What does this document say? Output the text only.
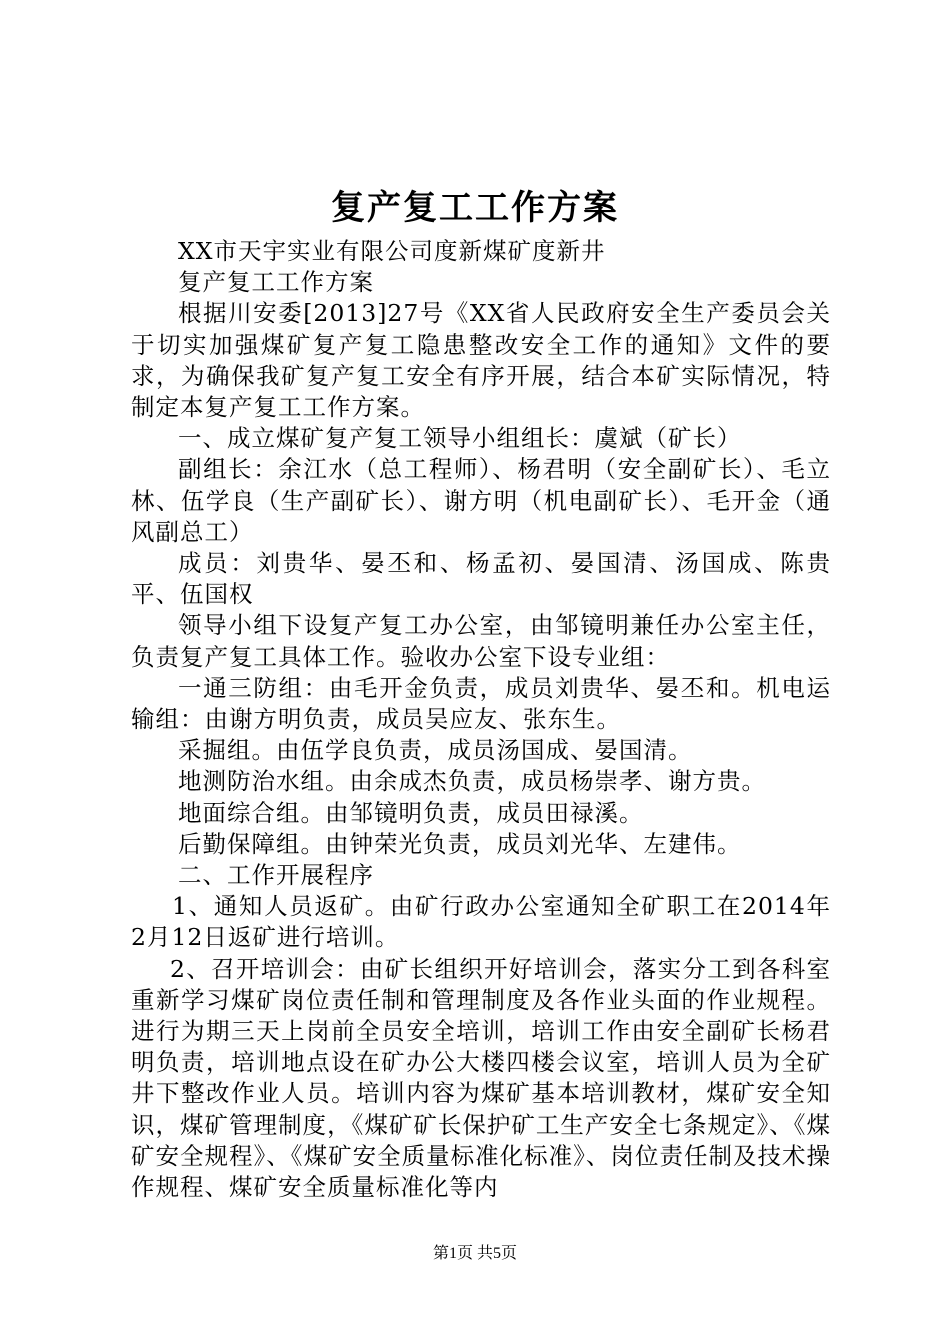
复产复工工作方案

XX市天宇实业有限公司度新煤矿度新井

复产复工工作方案

根据川安委[2013]27号《XX省人民政府安全生产委员会关于切实加强煤矿复产复工隐患整改安全工作的通知》文件的要求，为确保我矿复产复工安全有序开展，结合本矿实际情况，特制定本复产复工工作方案。

一、成立煤矿复产复工领导小组组长：虞斌（矿长）

副组长：余江水（总工程师）、杨君明（安全副矿长）、毛立林、伍学良（生产副矿长）、谢方明（机电副矿长）、毛开金（通风副总工）

成员：刘贵华、晏丕和、杨孟初、晏国清、汤国成、陈贵平、伍国权

领导小组下设复产复工办公室，由邹镜明兼任办公室主任，负责复产复工具体工作。验收办公室下设专业组：

一通三防组：由毛开金负责，成员刘贵华、晏丕和。机电运输组：由谢方明负责，成员吴应友、张东生。

采掘组。由伍学良负责，成员汤国成、晏国清。

地测防治水组。由余成杰负责，成员杨崇孝、谢方贵。

地面综合组。由邹镜明负责，成员田禄溪。

后勤保障组。由钟荣光负责，成员刘光华、左建伟。

二、工作开展程序

1、通知人员返矿。由矿行政办公室通知全矿职工在2014年2月12日返矿进行培训。

2、召开培训会：由矿长组织开好培训会，落实分工到各科室重新学习煤矿岗位责任制和管理制度及各作业头面的作业规程。进行为期三天上岗前全员安全培训，培训工作由安全副矿长杨君明负责，培训地点设在矿办公大楼四楼会议室，培训人员为全矿井下整改作业人员。培训内容为煤矿基本培训教材，煤矿安全知识，煤矿管理制度，《煤矿矿长保护矿工生产安全七条规定》、《煤矿安全规程》、《煤矿安全质量标准化标准》、岗位责任制及技术操作规程、煤矿安全质量标准化等内

第1页 共5页
